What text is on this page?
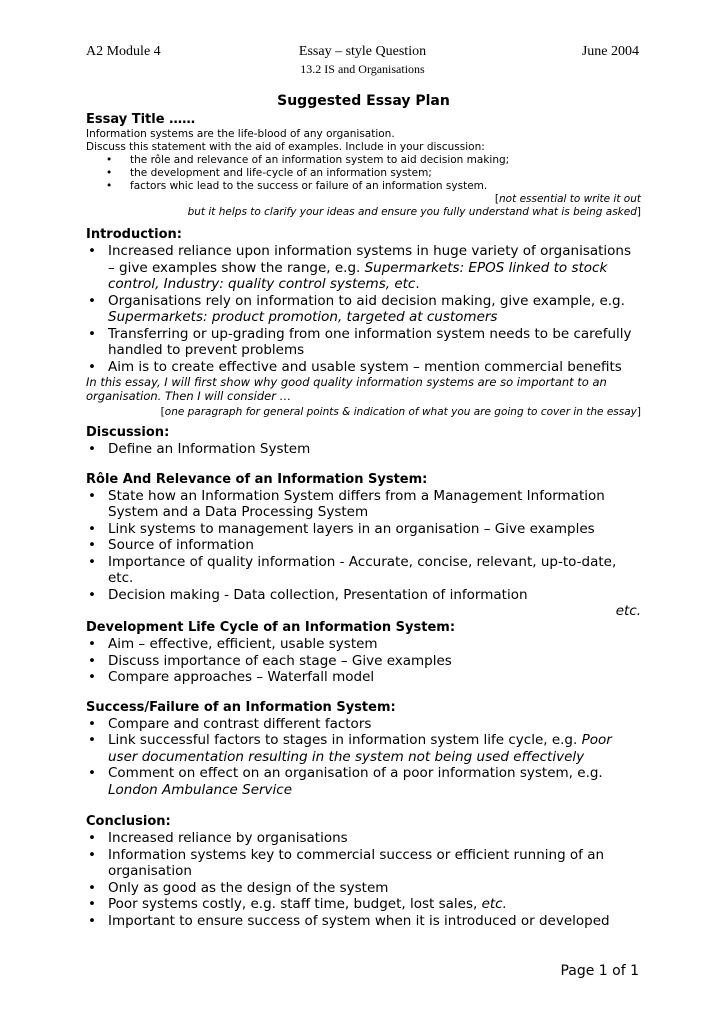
A2 Module 4	Essay – style Question	June 2004
13.2 IS and Organisations
Suggested Essay Plan
Essay Title ……

Information systems are the life-blood of any organisation.

Discuss this statement with the aid of examples. Include in your discussion:

• the rôle and relevance of an information system to aid decision making;
• the development and life-cycle of an information system;
• factors whic lead to the success or failure of an information system.
[not essential to write it out
but it helps to clarify your ideas and ensure you fully understand what is being asked]
Introduction:
• Increased reliance upon information systems in huge variety of organisations – give examples show the range, e.g. Supermarkets: EPOS linked to stock control, Industry: quality control systems, etc.
• Organisations rely on information to aid decision making, give example, e.g. Supermarkets: product promotion, targeted at customers
• Transferring or up-grading from one information system needs to be carefully handled to prevent problems
• Aim is to create effective and usable system – mention commercial benefits
In this essay, I will first show why good quality information systems are so important to an organisation. Then I will consider …
[one paragraph for general points & indication of what you are going to cover in the essay]
Discussion:
• Define an Information System
Rôle And Relevance of an Information System:
• State how an Information System differs from a Management Information System and a Data Processing System
• Link systems to management layers in an organisation – Give examples
• Source of information
• Importance of quality information - Accurate, concise, relevant, up-to-date, etc.
• Decision making - Data collection, Presentation of information
etc.
Development Life Cycle of an Information System:
• Aim – effective, efficient, usable system
• Discuss importance of each stage – Give examples
• Compare approaches – Waterfall model
Success/Failure of an Information System:
• Compare and contrast different factors
• Link successful factors to stages in information system life cycle, e.g. Poor user documentation resulting in the system not being used effectively
• Comment on effect on an organisation of a poor information system, e.g. London Ambulance Service
Conclusion:
• Increased reliance by organisations
• Information systems key to commercial success or efficient running of an organisation
• Only as good as the design of the system
• Poor systems costly, e.g. staff time, budget, lost sales, etc.
• Important to ensure success of system when it is introduced or developed
Page 1 of 1
